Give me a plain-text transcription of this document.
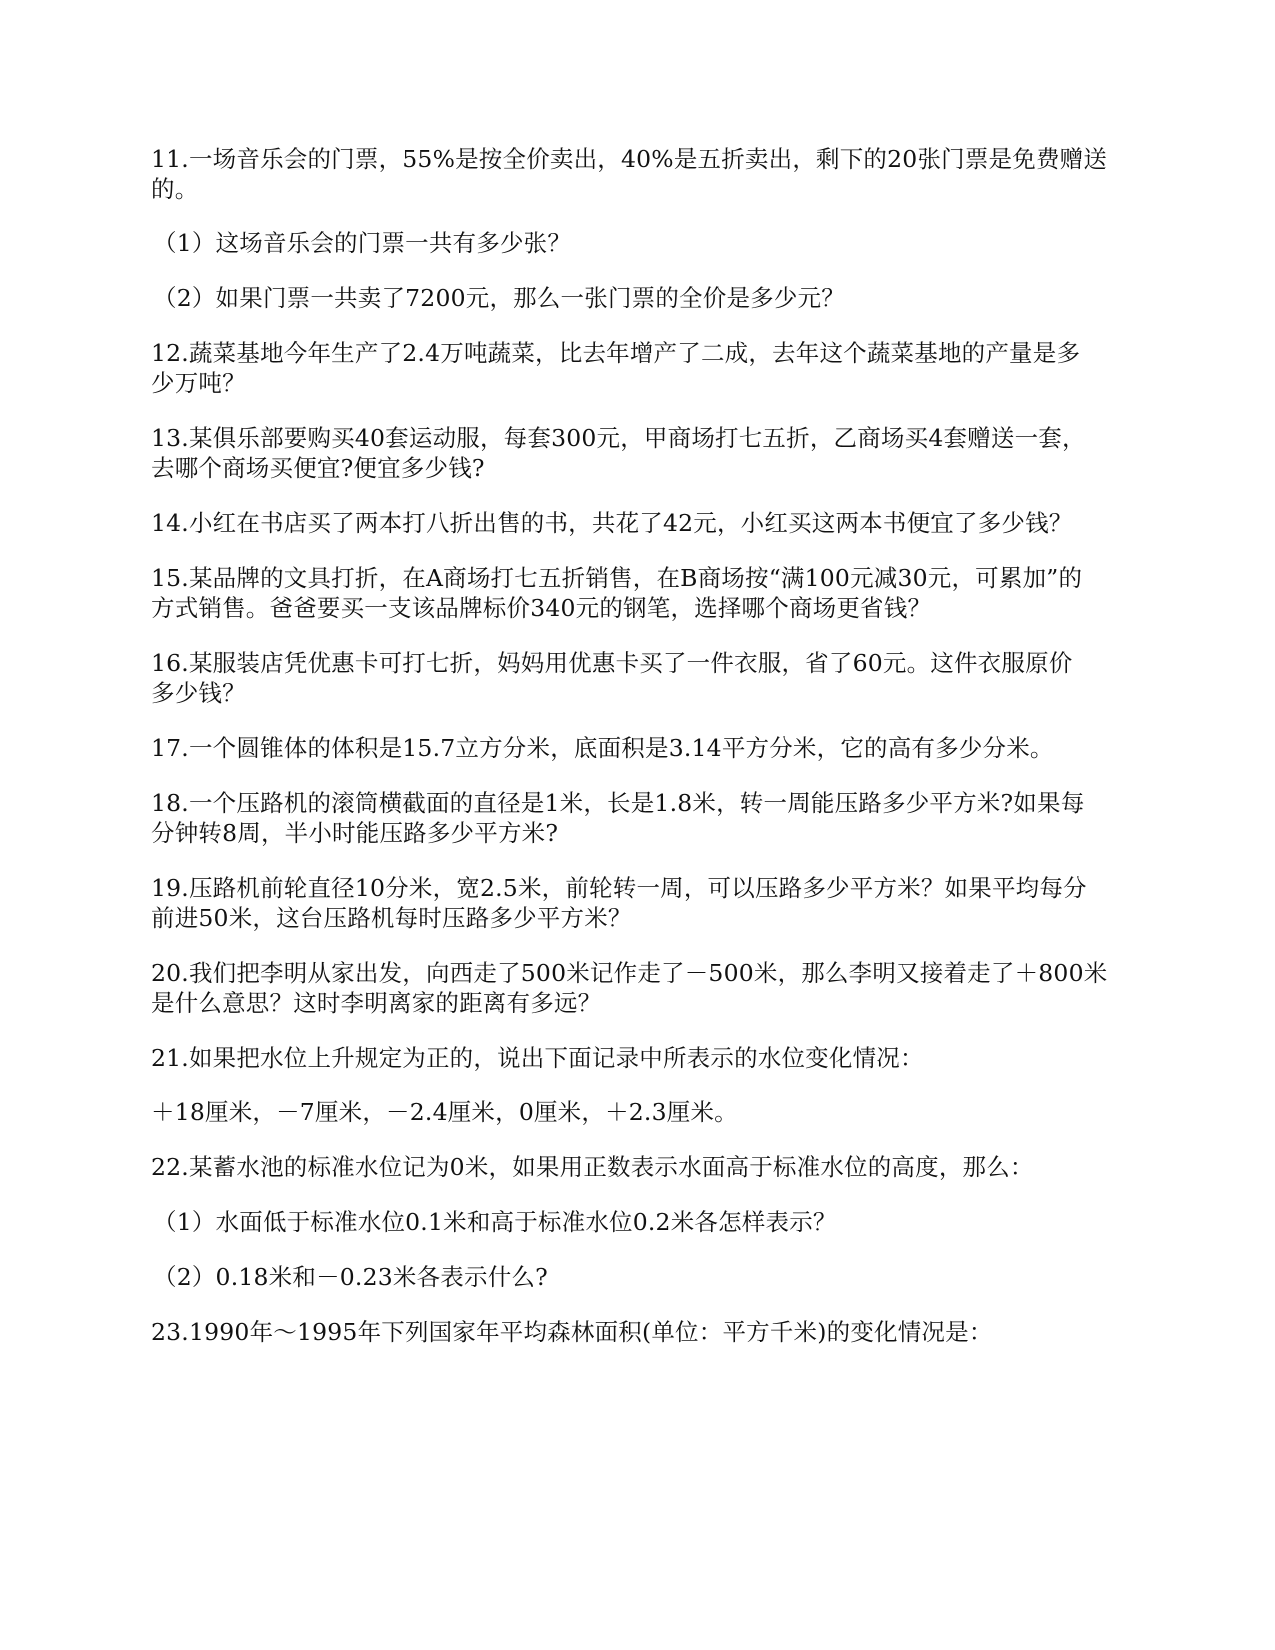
11.一场音乐会的门票，55%是按全价卖出，40%是五折卖出，剩下的20张门票是免费赠送
的。
（1）这场音乐会的门票一共有多少张？
（2）如果门票一共卖了7200元，那么一张门票的全价是多少元？
12.蔬菜基地今年生产了2.4万吨蔬菜，比去年增产了二成，去年这个蔬菜基地的产量是多
少万吨？
13.某俱乐部要购买40套运动服，每套300元，甲商场打七五折，乙商场买4套赠送一套，
去哪个商场买便宜?便宜多少钱?
14.小红在书店买了两本打八折出售的书，共花了42元，小红买这两本书便宜了多少钱？
15.某品牌的文具打折，在A商场打七五折销售，在B商场按“满100元减30元，可累加”的
方式销售。爸爸要买一支该品牌标价340元的钢笔，选择哪个商场更省钱？
16.某服装店凭优惠卡可打七折，妈妈用优惠卡买了一件衣服，省了60元。这件衣服原价
多少钱？
17.一个圆锥体的体积是15.7立方分米，底面积是3.14平方分米，它的高有多少分米。
18.一个压路机的滚筒横截面的直径是1米，长是1.8米，转一周能压路多少平方米?如果每
分钟转8周，半小时能压路多少平方米?
19.压路机前轮直径10分米，宽2.5米，前轮转一周，可以压路多少平方米？如果平均每分
前进50米，这台压路机每时压路多少平方米？
20.我们把李明从家出发，向西走了500米记作走了－500米，那么李明又接着走了＋800米
是什么意思？这时李明离家的距离有多远？
21.如果把水位上升规定为正的，说出下面记录中所表示的水位变化情况：
＋18厘米，－7厘米，－2.4厘米，0厘米，＋2.3厘米。
22.某蓄水池的标准水位记为0米，如果用正数表示水面高于标准水位的高度，那么：
（1）水面低于标准水位0.1米和高于标准水位0.2米各怎样表示？
（2）0.18米和－0.23米各表示什么?
23.1990年～1995年下列国家年平均森林面积(单位：平方千米)的变化情况是：
